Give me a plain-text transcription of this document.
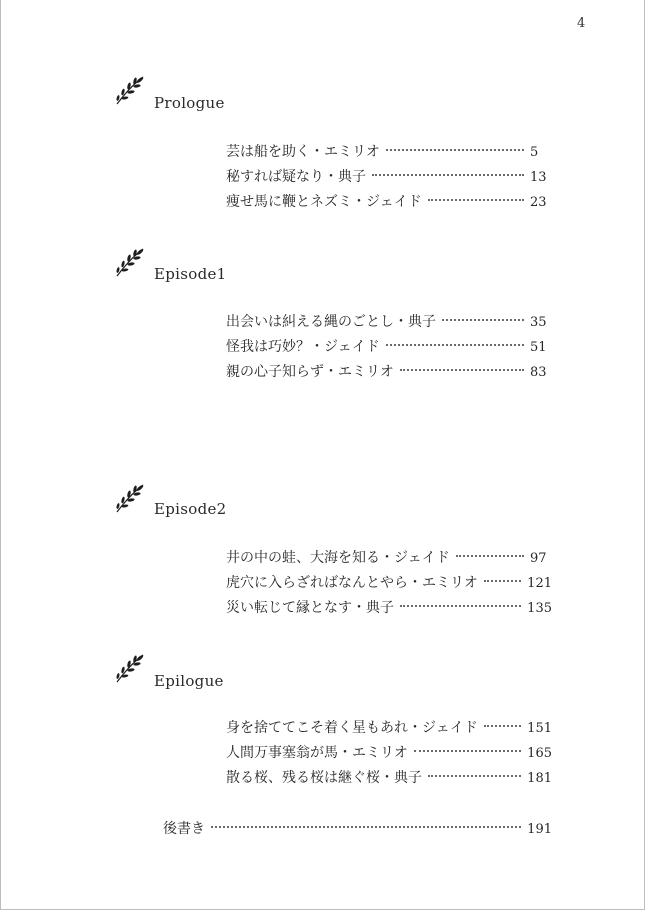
4
Prologue
芸は船を助く・エミリオ	5
秘すれば疑なり・典子	13
痩せ馬に鞭とネズミ・ジェイド	23
Episode1
出会いは糾える縄のごとし・典子	35
怪我は巧妙？・ジェイド	51
親の心子知らず・エミリオ	83
Episode2
井の中の蛙、大海を知る・ジェイド	97
虎穴に入らざればなんとやら・エミリオ	121
災い転じて縁となす・典子	135
Epilogue
身を捨ててこそ着く星もあれ・ジェイド	151
人間万事塞翁が馬・エミリオ	165
散る桜、残る桜は継ぐ桜・典子	181
後書き	191
